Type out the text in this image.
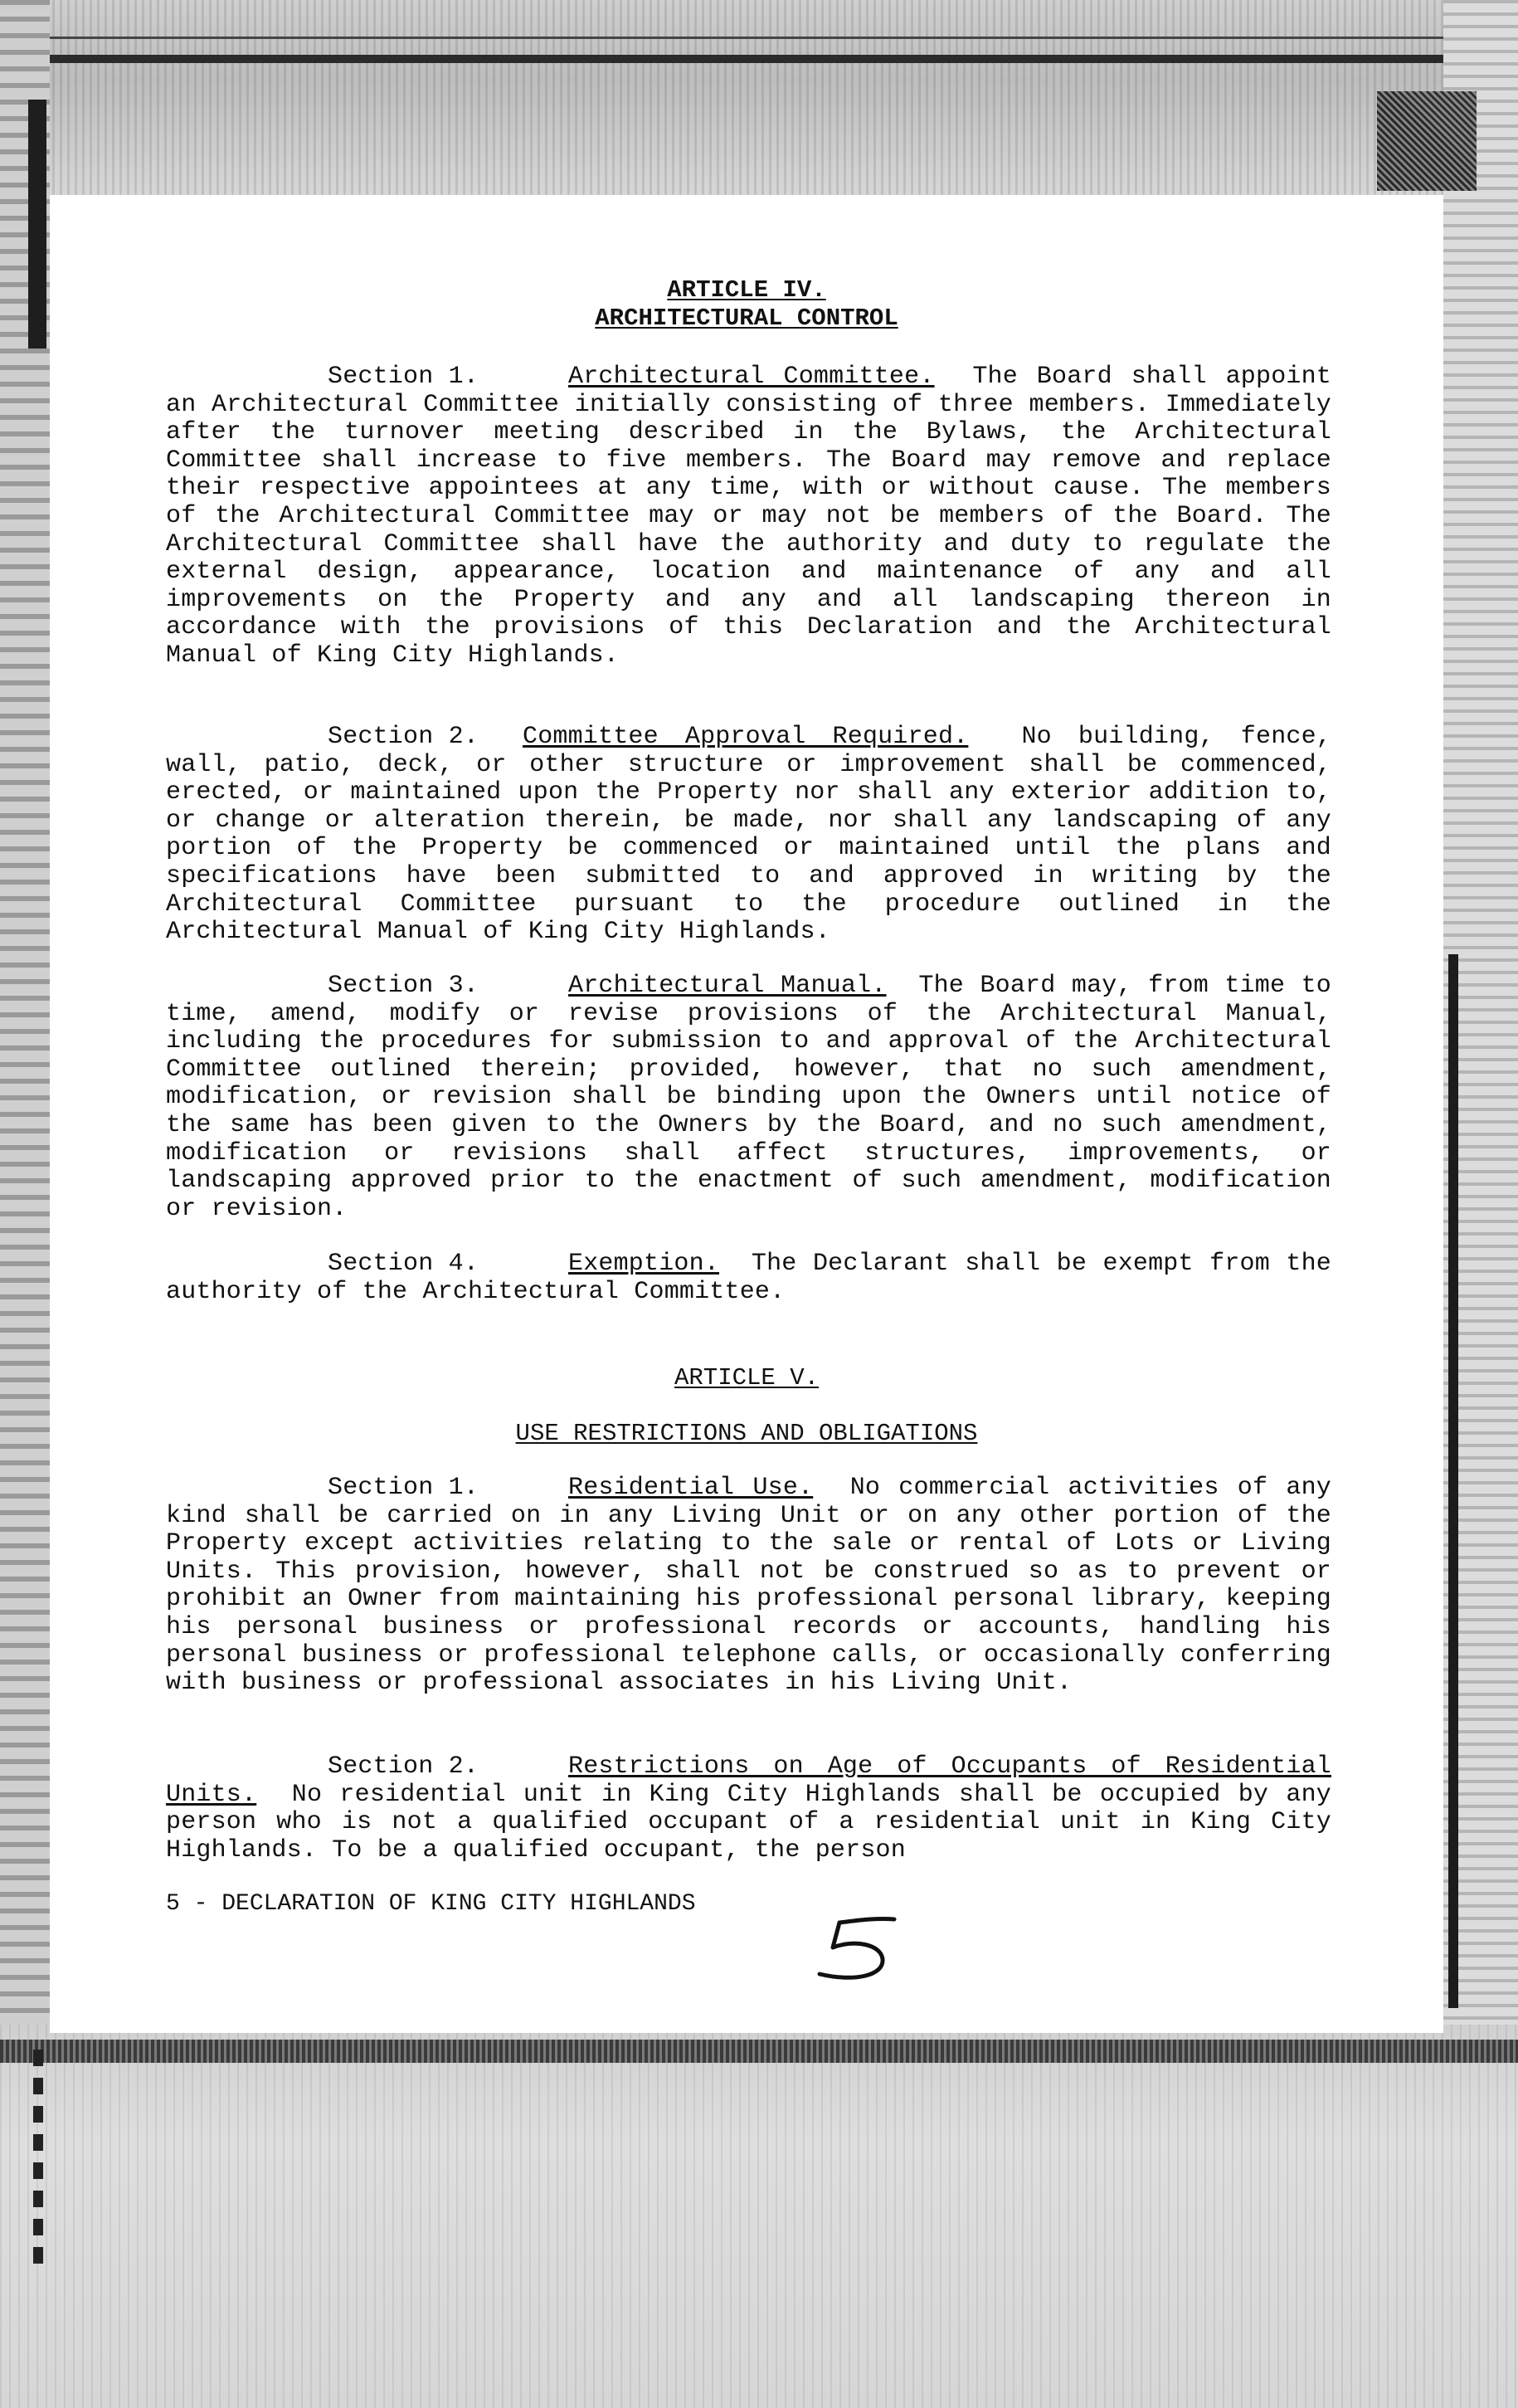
ARTICLE IV.
ARCHITECTURAL CONTROL
Section 1.	Architectural Committee. The Board shall appoint an Architectural Committee initially consisting of three members. Immediately after the turnover meeting described in the Bylaws, the Architectural Committee shall increase to five members. The Board may remove and replace their respective appointees at any time, with or without cause. The members of the Architectural Committee may or may not be members of the Board. The Architectural Committee shall have the authority and duty to regulate the external design, appearance, location and maintenance of any and all improvements on the Property and any and all landscaping thereon in accordance with the provisions of this Declaration and the Architectural Manual of King City Highlands.
Section 2. Committee Approval Required. No building, fence, wall, patio, deck, or other structure or improvement shall be commenced, erected, or maintained upon the Property nor shall any exterior addition to, or change or alteration therein, be made, nor shall any landscaping of any portion of the Property be commenced or maintained until the plans and specifications have been submitted to and approved in writing by the Architectural Committee pursuant to the procedure outlined in the Architectural Manual of King City Highlands.
Section 3.	Architectural Manual. The Board may, from time to time, amend, modify or revise provisions of the Architectural Manual, including the procedures for submission to and approval of the Architectural Committee outlined therein; provided, however, that no such amendment, modification, or revision shall be binding upon the Owners until notice of the same has been given to the Owners by the Board, and no such amendment, modification or revisions shall affect structures, improvements, or landscaping approved prior to the enactment of such amendment, modification or revision.
Section 4.	Exemption. The Declarant shall be exempt from the authority of the Architectural Committee.
ARTICLE V.
USE RESTRICTIONS AND OBLIGATIONS
Section 1.	Residential Use. No commercial activities of any kind shall be carried on in any Living Unit or on any other portion of the Property except activities relating to the sale or rental of Lots or Living Units. This provision, however, shall not be construed so as to prevent or prohibit an Owner from maintaining his professional personal library, keeping his personal business or professional records or accounts, handling his personal business or professional telephone calls, or occasionally conferring with business or professional associates in his Living Unit.
Section 2.	Restrictions on Age of Occupants of Residential Units. No residential unit in King City Highlands shall be occupied by any person who is not a qualified occupant of a residential unit in King City Highlands. To be a qualified occupant, the person
5 - DECLARATION OF KING CITY HIGHLANDS
